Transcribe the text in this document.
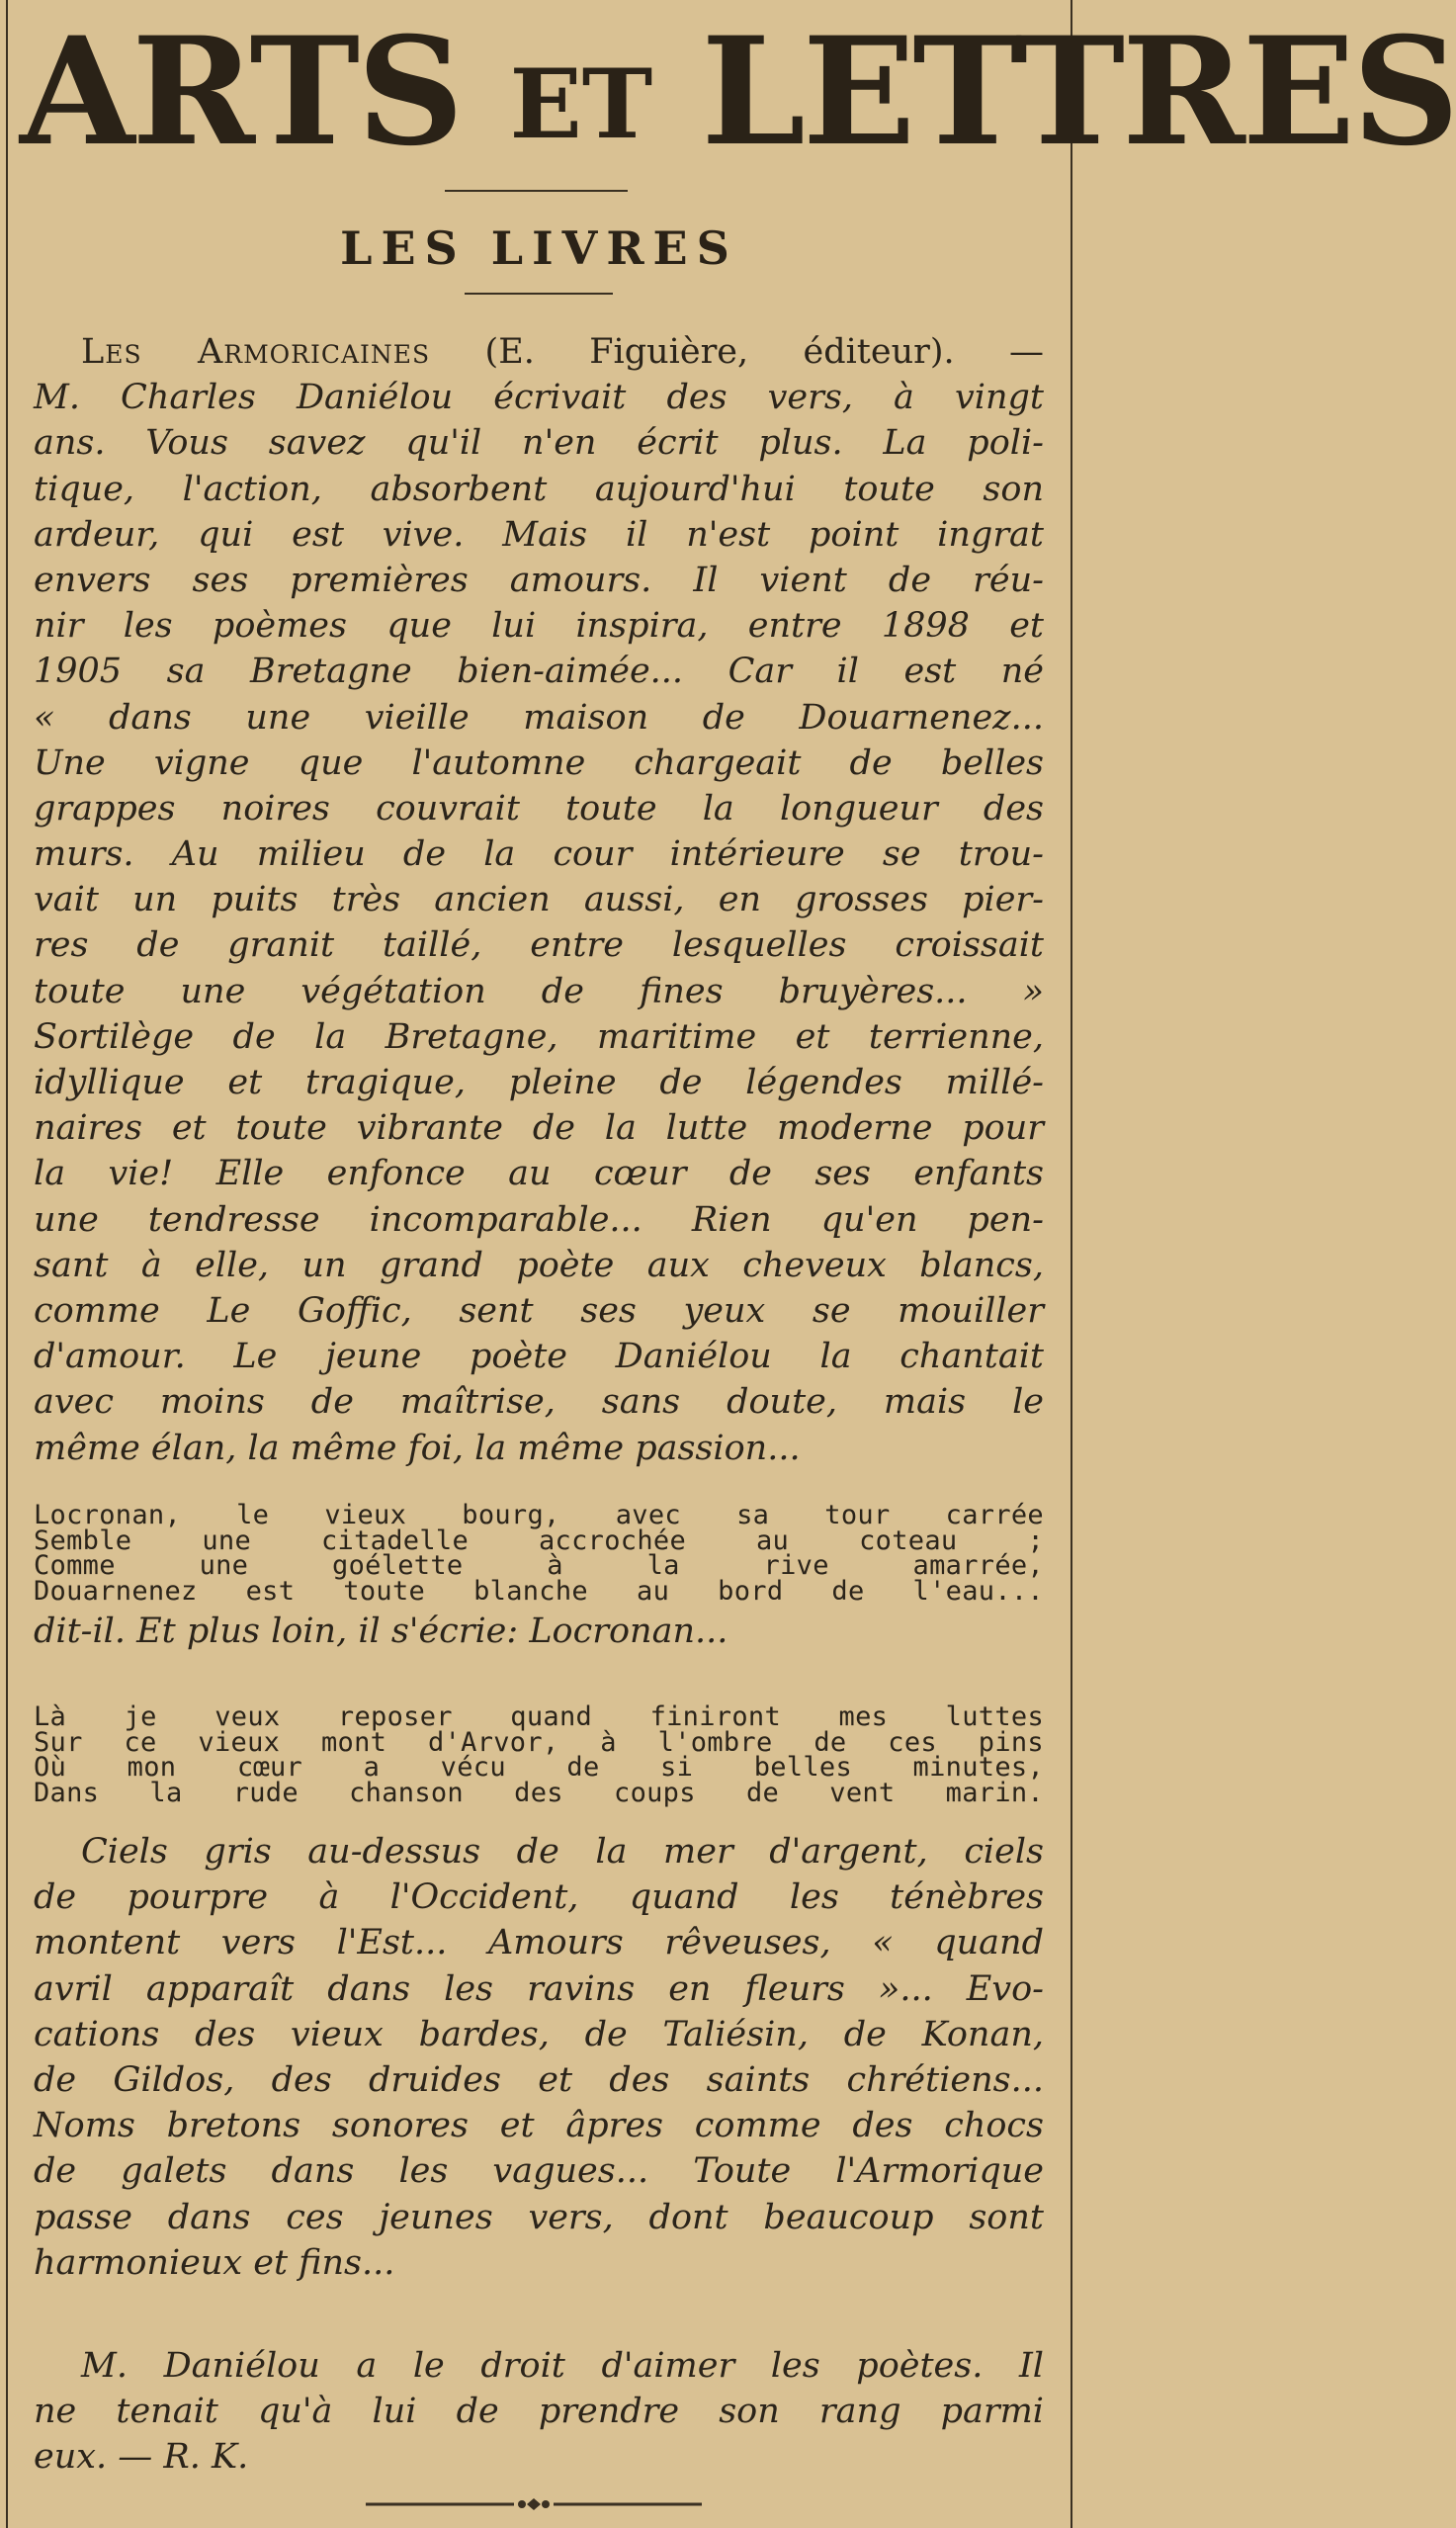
ARTS ET LETTRES
LES LIVRES
Les Armoricaines (E. Figuière, éditeur). —
M. Charles Daniélou écrivait des vers, à vingt
ans. Vous savez qu'il n'en écrit plus. La poli-
tique, l'action, absorbent aujourd'hui toute son
ardeur, qui est vive. Mais il n'est point ingrat
envers ses premières amours. Il vient de réu-
nir les poèmes que lui inspira, entre 1898 et
1905 sa Bretagne bien-aimée... Car il est né
« dans une vieille maison de Douarnenez...
Une vigne que l'automne chargeait de belles
grappes noires couvrait toute la longueur des
murs. Au milieu de la cour intérieure se trou-
vait un puits très ancien aussi, en grosses pier-
res de granit taillé, entre lesquelles croissait
toute une végétation de fines bruyères... »
Sortilège de la Bretagne, maritime et terrienne,
idyllique et tragique, pleine de légendes millé-
naires et toute vibrante de la lutte moderne pour
la vie! Elle enfonce au cœur de ses enfants
une tendresse incomparable... Rien qu'en pen-
sant à elle, un grand poète aux cheveux blancs,
comme Le Goffic, sent ses yeux se mouiller
d'amour. Le jeune poète Daniélou la chantait
avec moins de maîtrise, sans doute, mais le
même élan, la même foi, la même passion...
Locronan, le vieux bourg, avec sa tour carrée
Semble une citadelle accrochée au coteau ;
Comme une goélette à la rive amarrée,
Douarnenez est toute blanche au bord de l'eau...
dit-il. Et plus loin, il s'écrie: Locronan...
Là je veux reposer quand finiront mes luttes
Sur ce vieux mont d'Arvor, à l'ombre de ces pins
Où mon cœur a vécu de si belles minutes,
Dans la rude chanson des coups de vent marin.
Ciels gris au-dessus de la mer d'argent, ciels
de pourpre à l'Occident, quand les ténèbres
montent vers l'Est... Amours rêveuses, « quand
avril apparaît dans les ravins en fleurs »... Evo-
cations des vieux bardes, de Taliésin, de Konan,
de Gildos, des druides et des saints chrétiens...
Noms bretons sonores et âpres comme des chocs
de galets dans les vagues... Toute l'Armorique
passe dans ces jeunes vers, dont beaucoup sont
harmonieux et fins...
M. Daniélou a le droit d'aimer les poètes. Il
ne tenait qu'à lui de prendre son rang parmi
eux. — R. K.
